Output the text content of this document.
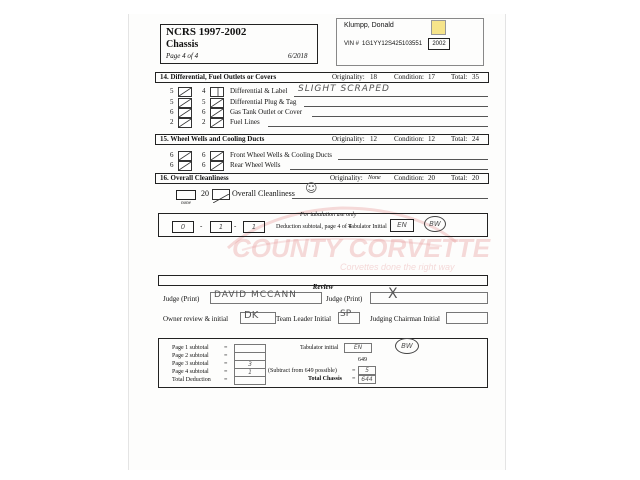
NCRS 1997-2002
Chassis
Page 4 of 4	6/2018
Klumpp, Donald
VIN # 1G1YY12S425103551	2002
14. Differential, Fuel Outlets or Covers	Originality: 18 Condition: 17 Total: 35
5	4	Differential & Label SLIGHT SCRAPED
5	5	Differential Plug & Tag
6	6	Gas Tank Outlet or Cover
2	2	Fuel Lines
15. Wheel Wells and Cooling Ducts	Originality: 12 Condition: 12 Total: 24
6	6	Front Wheel Wells & Cooling Ducts
6	6	Rear Wheel Wells
16. Overall Cleanliness	Originality: None Condition: 20 Total: 20
none
20	Overall Cleanliness ☺
COUNTY CORVETTE
Corvettes done the right way
For tabulation use only
0	-	1	-	1	Deduction subtotal, page 4 of 4
Tabulator Initial	EN	BW
Review
Judge (Print) DAVID MCCANN	Judge (Print) X
Owner review & initial DK	Team Leader Initial SP	Judging Chairman Initial
Page 1 subtotal	=
Page 2 subtotal	=
Page 3 subtotal	=	3
Page 4 subtotal	=	1
Total Deduction =
Tabulator initial	EN	BW
649
(Subtract from 649 possible)	=	5
Total Chassis = 644
